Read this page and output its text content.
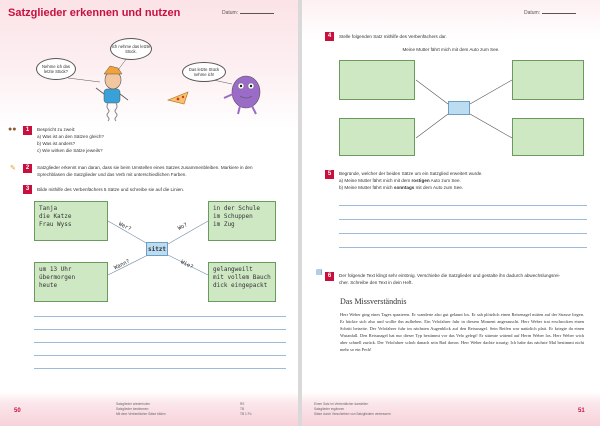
Satzglieder erkennen und nutzen	Datum:
Nehme ich das letzte Stück?
Ich nehme das letzte Stück.
Das letzte Stück nehme ich!
●●	1	Bespricht zu zweit:
a) Was ist an den Sätzen gleich?
b) Was ist anders?
c) Wie wirken die Sätze jeweils?
✎	2	Satzglieder erkennt man daran, dass sie beim Umstellen eines Satzes zusammenbleiben. Markiere in den
Sprechblasen die Satzglieder und das Verb mit unterschiedlichen Farben.
3	Bilde mithilfe des Verbenfächers 5 Sätze und schreibe sie auf die Linien.
Tanja
die Katze
Frau Wyss
in der Schule
im Schuppen
im Zug
um 13 Uhr
übermorgen
heute
gelangweilt
mit vollem Bauch
dick eingepackt
sitzt
Wer?	Wo?
Wann?	Wie?
50
Satzglieder wiederholen
Satzglieder bestimmen
Mit dem Verbenfächer Sätze bilden
RS
TB
TB 1 Fü
Datum:
4	Stelle folgenden Satz mithilfe des Verbenfächers dar.
Meine Mutter fährt mich mit dem Auto zum See.
5	Begründe, welcher der beiden Sätze um ein Satzglied erweitert wurde.
a) Meine Mutter fährt mich mit dem rostigen Auto zum See.
b) Meine Mutter fährt mich sonntags mit dem Auto zum See.
▤ 6	Der folgende Text klingt sehr eintönig. Verschiebe die Satzglieder und gestalte ihn dadurch abwechslungsrei-
cher. Schreibe den Text in dein Heft.
Das Missverständnis
Herr Weber ging eines Tages spazieren. Er wanderte also gut gelaunt los. Er sah plötzlich einen Reisenagel mitten auf der Strasse liegen. Er bückte sich also und wollte ihn aufheben. Ein Velofahrer fuhr in diesem Moment angerauscht. Herr Weber trat erschrocken einen Schritt beiseite. Der Velofahrer fuhr im nächsten Augenblick auf den Reissnagel. Sein Reifen war natürlich platt. Er kriegte da einen Wutanfall. Den Reissnagel hat nur dieser Typ bestimmt vor das Velo gelegt! Er stürmte wütend auf Herrn Weber los. Herr Weber wich aber schnell zurück. Der Velofahrer schob danach sein Rad davon. Herr Weber dachte traurig: Ich habe das nächste Mal bestimmt nicht mehr so ein Pech!
51
Einen Satz im Verbenfächer darstellen
Satzglieder ergänzen
Sätze durch Verschieben von Satzgliedern verbessern
